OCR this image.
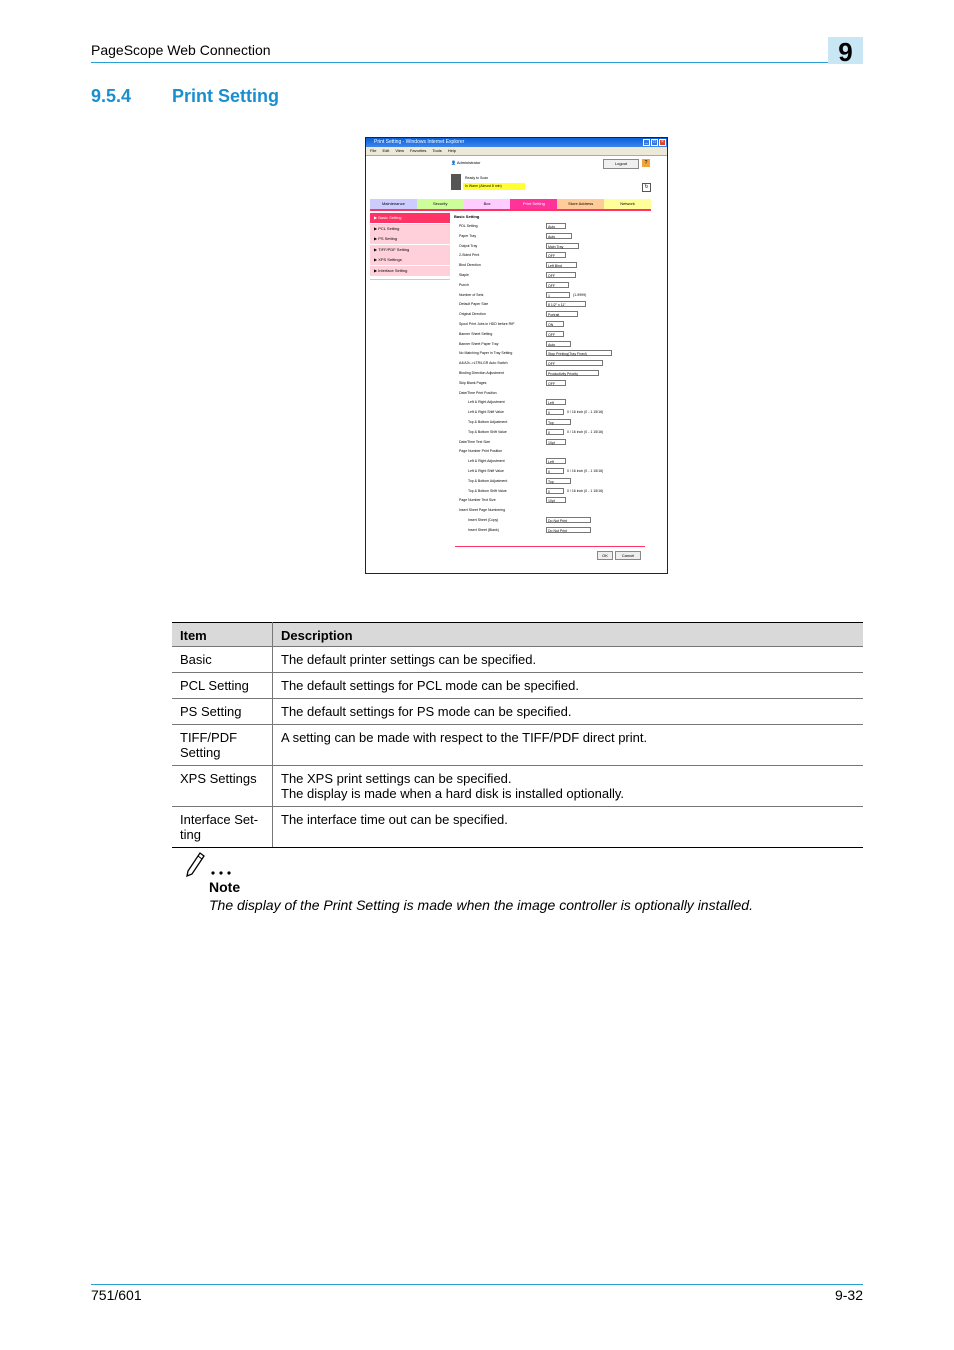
PageScope Web Connection	9
9.5.4 Print Setting
Print Setting - Windows Internet Explorer	_	□	×
File Edit View Favorites Tools Help
👤 Administrator	Logout	?
Ready to Scan
In Warm (Almost 8 min)	↻
Maintenance	Security	Box	Print Setting	Store Address	Network
▶ Basic Setting
▶ PCL Setting
▶ PS Setting
▶ TIFF/PDF Setting
▶ XPS Settings
▶ Interface Setting
Basic Setting
PDL Setting	Auto
Paper Tray	Auto
Output Tray	Main Tray
2-Sided Print	OFF
Bind Direction	Left Bind
Staple	OFF
Punch	OFF
Number of Sets	1	(1-9999)
Default Paper Size	8 1/2" x 11"
Original Direction	Portrait
Spool Print Jobs in HDD before RIP	ON
Banner Sheet Setting	OFF
Banner Sheet Paper Tray	Auto
No Matching Paper in Tray Setting	Stop Printing(Tray Fixed)
A4/A3<->LTR/LGR Auto Switch	OFF
Binding Direction Adjustment	Productivity Priority
Skip Blank Pages	OFF
Date/Time Print Position
Left & Right Adjustment	Left
Left & Right Shift Value	0	0 / 16 inch (0 - 1 15/16)
Top & Bottom Adjustment	Top
Top & Bottom Shift Value	0	0 / 16 inch (0 - 1 15/16)
Date/Time Text Size	10pt
Page Number Print Position
Left & Right Adjustment	Left
Left & Right Shift Value	0	0 / 16 inch (0 - 1 15/16)
Top & Bottom Adjustment	Top
Top & Bottom Shift Value	0	0 / 16 inch (0 - 1 15/16)
Page Number Text Size	10pt
Insert Sheet Page Numbering
Insert Sheet (Copy)	Do Not Print
Insert Sheet (Blank)	Do Not Print
OK	Cancel
Item	Description
Basic	The default printer settings can be specified.
PCL Setting	The default settings for PCL mode can be specified.
PS Setting	The default settings for PS mode can be specified.
TIFF/PDF
Setting	A setting can be made with respect to the TIFF/PDF direct print.
XPS Settings	The XPS print settings can be specified.
The display is made when a hard disk is installed optionally.
Interface Set-
ting	The interface time out can be specified.
Note
The display of the Print Setting is made when the image controller is optionally installed.
751/601	9-32
